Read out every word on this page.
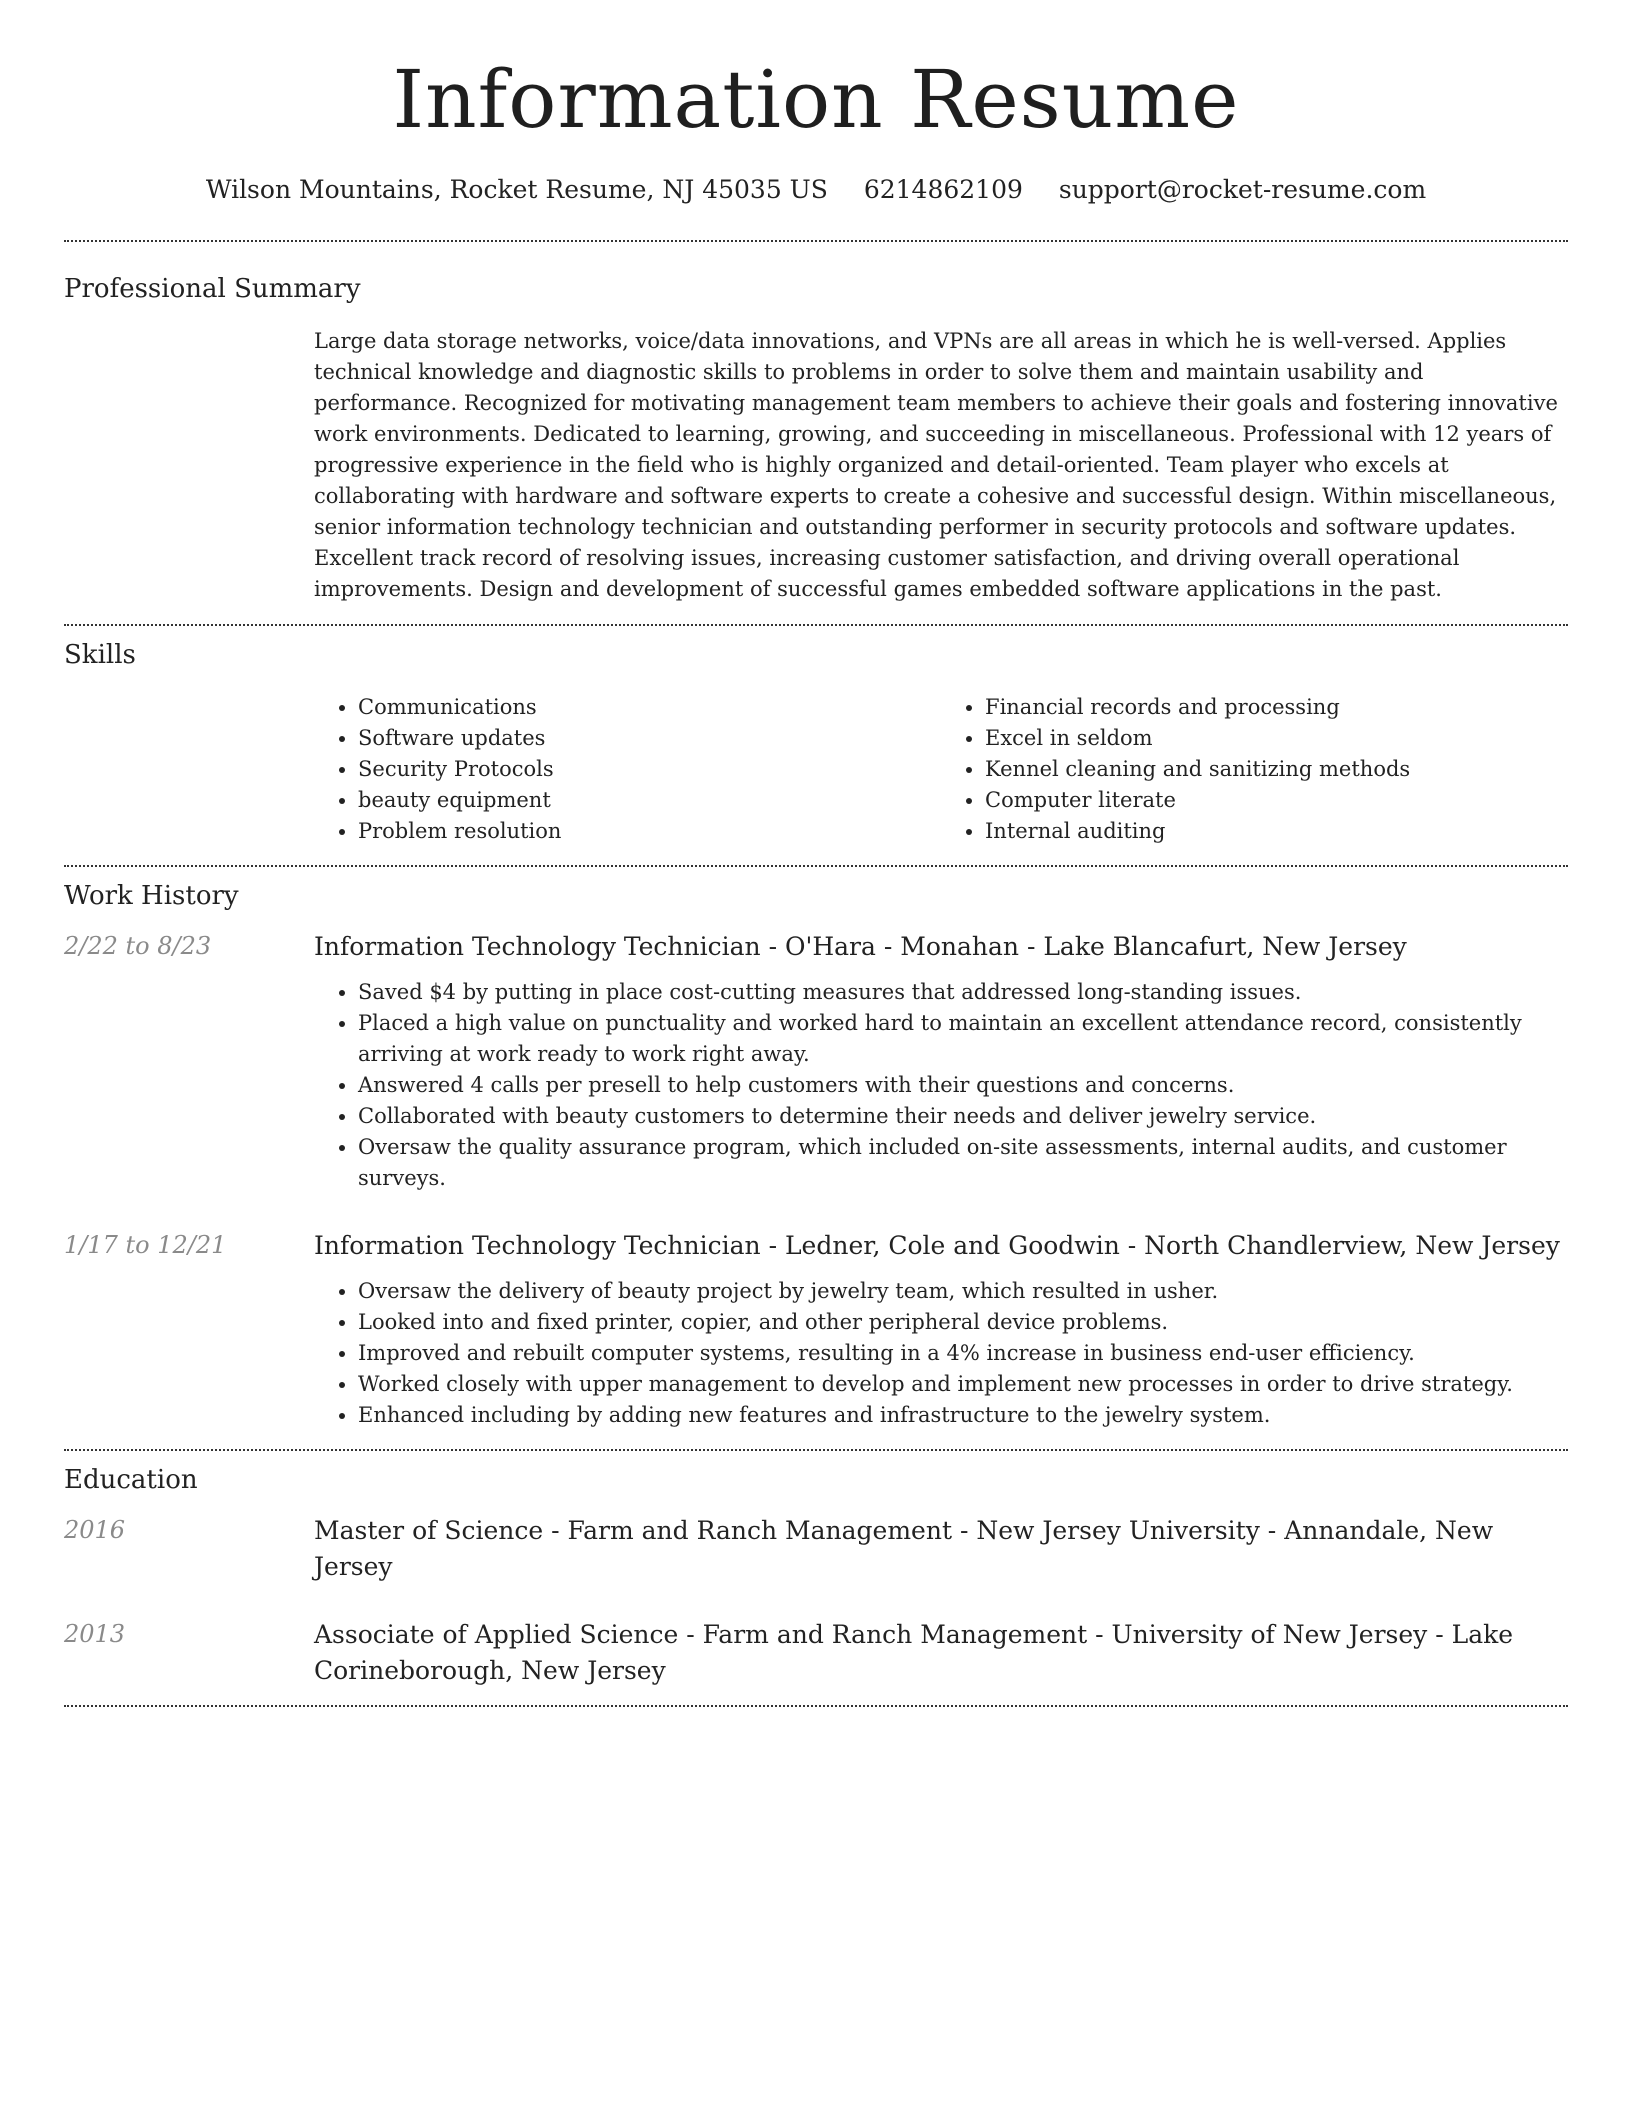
Information Resume
Wilson Mountains, Rocket Resume, NJ 45035 US 6214862109 support@rocket-resume.com
Professional Summary

Large data storage networks, voice/data innovations, and VPNs are all areas in which he is well-versed. Applies technical knowledge and diagnostic skills to problems in order to solve them and maintain usability and performance. Recognized for motivating management team members to achieve their goals and fostering innovative work environments. Dedicated to learning, growing, and succeeding in miscellaneous. Professional with 12 years of progressive experience in the field who is highly organized and detail-oriented. Team player who excels at collaborating with hardware and software experts to create a cohesive and successful design. Within miscellaneous, senior information technology technician and outstanding performer in security protocols and software updates. Excellent track record of resolving issues, increasing customer satisfaction, and driving overall operational improvements. Design and development of successful games embedded software applications in the past.

Skills
• Communications
• Software updates
• Security Protocols
• beauty equipment
• Problem resolution
• Financial records and processing
• Excel in seldom
• Kennel cleaning and sanitizing methods
• Computer literate
• Internal auditing
Work History
2/22 to 8/23	Information Technology Technician - O'Hara - Monahan - Lake Blancafurt, New Jersey

• Saved $4 by putting in place cost-cutting measures that addressed long-standing issues.
• Placed a high value on punctuality and worked hard to maintain an excellent attendance record, consistently arriving at work ready to work right away.
• Answered 4 calls per presell to help customers with their questions and concerns.
• Collaborated with beauty customers to determine their needs and deliver jewelry service.
• Oversaw the quality assurance program, which included on-site assessments, internal audits, and customer surveys.
1/17 to 12/21	Information Technology Technician - Ledner, Cole and Goodwin - North Chandlerview, New Jersey

• Oversaw the delivery of beauty project by jewelry team, which resulted in usher.
• Looked into and fixed printer, copier, and other peripheral device problems.
• Improved and rebuilt computer systems, resulting in a 4% increase in business end-user efficiency.
• Worked closely with upper management to develop and implement new processes in order to drive strategy.
• Enhanced including by adding new features and infrastructure to the jewelry system.
Education
2016	Master of Science - Farm and Ranch Management - New Jersey University - Annandale, New Jersey

2013	Associate of Applied Science - Farm and Ranch Management - University of New Jersey - Lake Corineborough, New Jersey
